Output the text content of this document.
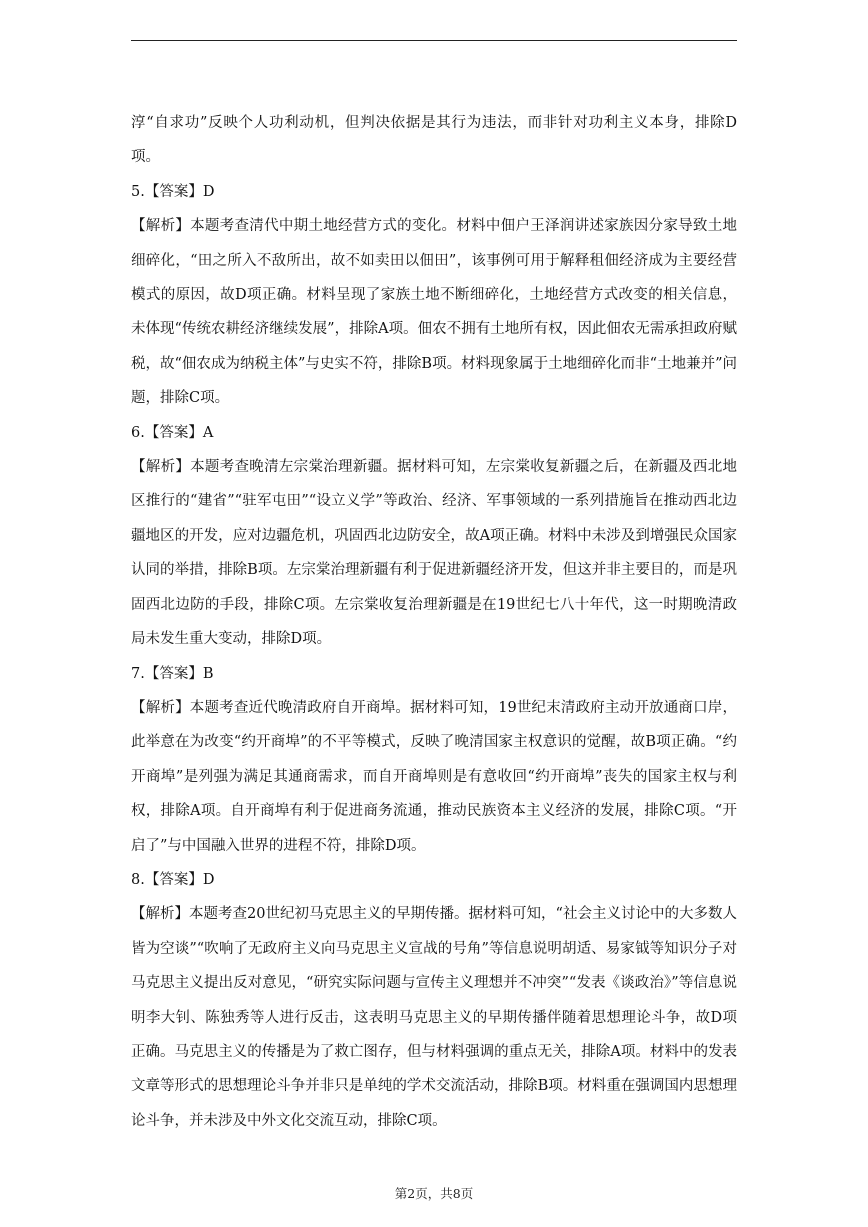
淳“自求功”反映个人功利动机，但判决依据是其行为违法，而非针对功利主义本身，排除D项。

5.【答案】D

【解析】本题考查清代中期土地经营方式的变化。材料中佃户王泽润讲述家族因分家导致土地细碎化，“田之所入不敌所出，故不如卖田以佃田”，该事例可用于解释租佃经济成为主要经营模式的原因，故D项正确。材料呈现了家族土地不断细碎化，土地经营方式改变的相关信息，未体现“传统农耕经济继续发展”，排除A项。佃农不拥有土地所有权，因此佃农无需承担政府赋税，故“佃农成为纳税主体”与史实不符，排除B项。材料现象属于土地细碎化而非“土地兼并”问题，排除C项。

6.【答案】A

【解析】本题考查晚清左宗棠治理新疆。据材料可知，左宗棠收复新疆之后，在新疆及西北地区推行的“建省”“驻军屯田”“设立义学”等政治、经济、军事领域的一系列措施旨在推动西北边疆地区的开发，应对边疆危机，巩固西北边防安全，故A项正确。材料中未涉及到增强民众国家认同的举措，排除B项。左宗棠治理新疆有利于促进新疆经济开发，但这并非主要目的，而是巩固西北边防的手段，排除C项。左宗棠收复治理新疆是在19世纪七八十年代，这一时期晚清政局未发生重大变动，排除D项。

7.【答案】B

【解析】本题考查近代晚清政府自开商埠。据材料可知，19世纪末清政府主动开放通商口岸，此举意在为改变“约开商埠”的不平等模式，反映了晚清国家主权意识的觉醒，故B项正确。“约开商埠”是列强为满足其通商需求，而自开商埠则是有意收回“约开商埠”丧失的国家主权与利权，排除A项。自开商埠有利于促进商务流通，推动民族资本主义经济的发展，排除C项。“开启了”与中国融入世界的进程不符，排除D项。

8.【答案】D

【解析】本题考查20世纪初马克思主义的早期传播。据材料可知，“社会主义讨论中的大多数人皆为空谈”“吹响了无政府主义向马克思主义宣战的号角”等信息说明胡适、易家钺等知识分子对马克思主义提出反对意见，“研究实际问题与宣传主义理想并不冲突”“发表《谈政治》”等信息说明李大钊、陈独秀等人进行反击，这表明马克思主义的早期传播伴随着思想理论斗争，故D项正确。马克思主义的传播是为了救亡图存，但与材料强调的重点无关，排除A项。材料中的发表文章等形式的思想理论斗争并非只是单纯的学术交流活动，排除B项。材料重在强调国内思想理论斗争，并未涉及中外文化交流互动，排除C项。

第2页，共8页
